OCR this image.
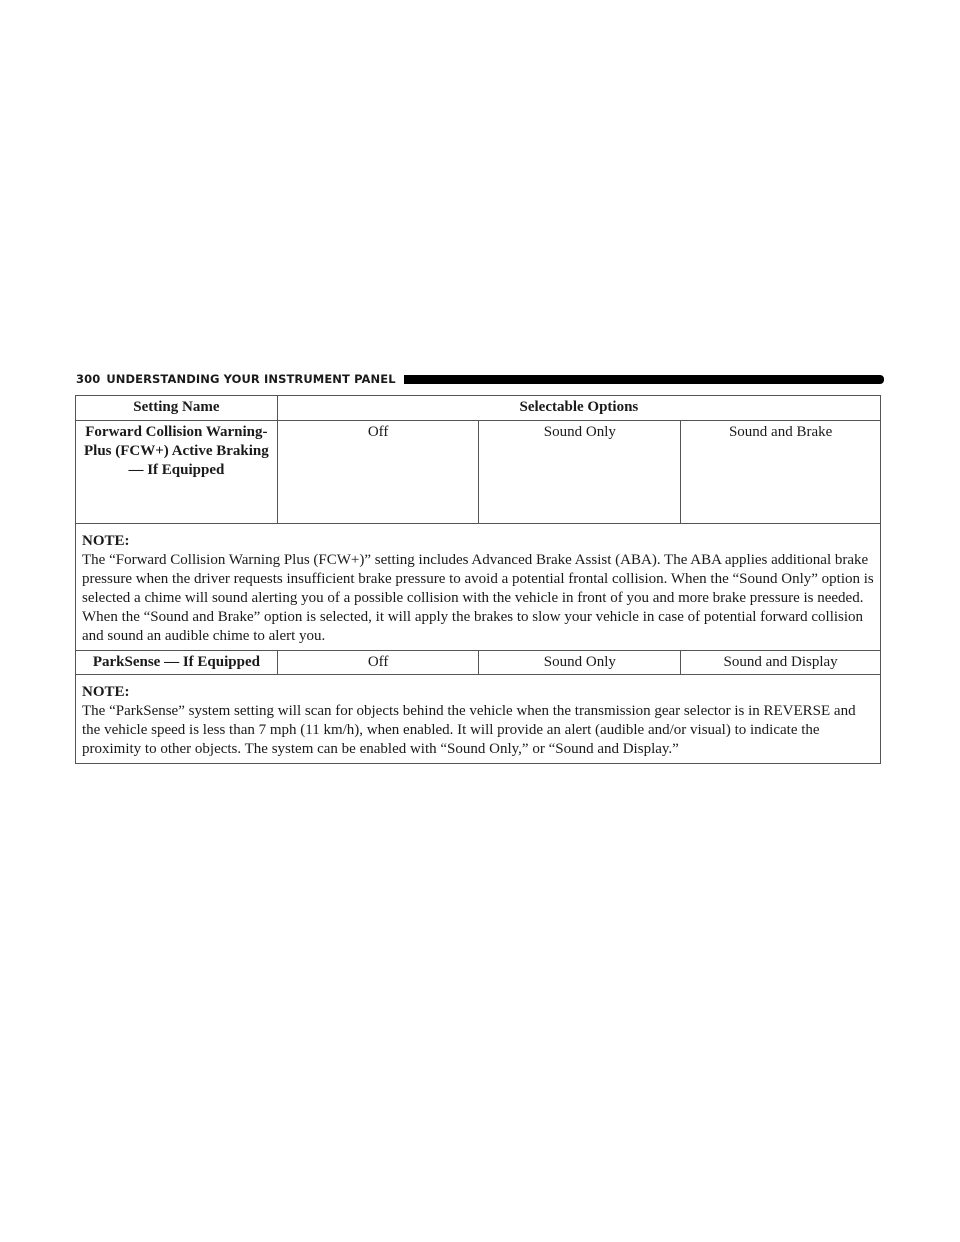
300 UNDERSTANDING YOUR INSTRUMENT PANEL
Setting Name	Selectable Options		
Forward Collision Warning-Plus (FCW+) Active Braking — If Equipped	Off	Sound Only	Sound and Brake

NOTE:
The “Forward Collision Warning Plus (FCW+)” setting includes Advanced Brake Assist (ABA). The ABA applies additional brake pressure when the driver requests insufficient brake pressure to avoid a potential frontal collision. When the “Sound Only” option is selected a chime will sound alerting you of a possible collision with the vehicle in front of you and more brake pressure is needed. When the “Sound and Brake” option is selected, it will apply the brakes to slow your vehicle in case of potential forward collision and sound an audible chime to alert you.			

ParkSense — If Equipped	Off	Sound Only	Sound and Display

NOTE:
The “ParkSense” system setting will scan for objects behind the vehicle when the transmission gear selector is in REVERSE and the vehicle speed is less than 7 mph (11 km/h), when enabled. It will provide an alert (audible and/or visual) to indicate the proximity to other objects. The system can be enabled with “Sound Only,” or “Sound and Display.”			
